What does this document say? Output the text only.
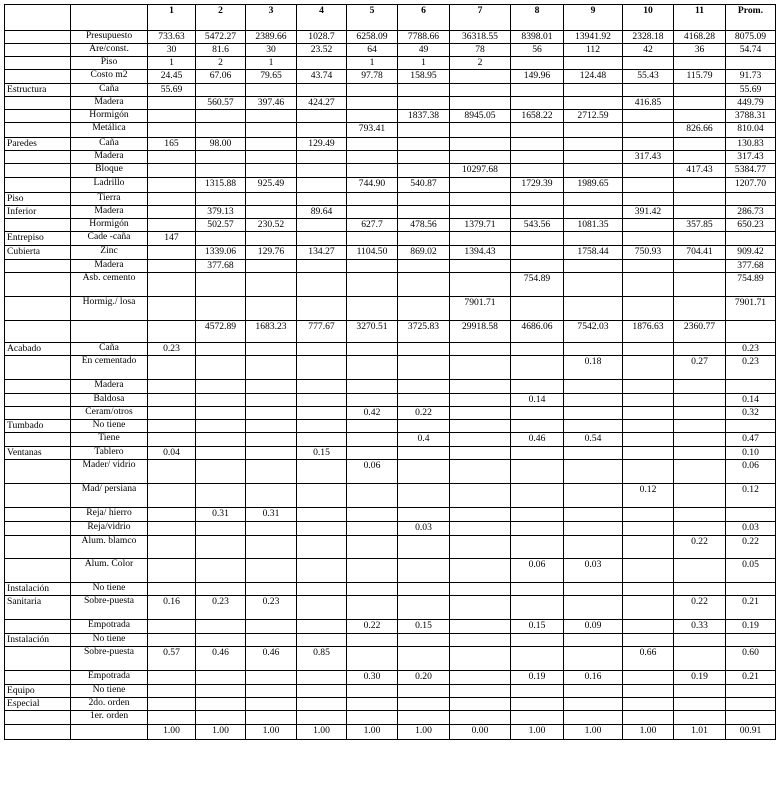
		1	2	3	4	5	6	7	8	9	10	11	Prom.
	Presupuesto	733.63	5472.27	2389.66	1028.7	6258.09	7788.66	36318.55	8398.01	13941.92	2328.18	4168.28	8075.09
	Are/const.	30	81.6	30	23.52	64	49	78	56	112	42	36	54.74
	Piso	1	2	1		1	1	2					
	Costo m2	24.45	67.06	79.65	43.74	97.78	158.95		149.96	124.48	55.43	115.79	91.73
Estructura	Caña	55.69											55.69
	Madera		560.57	397.46	424.27						416.85		449.79
	Hormigón						1837.38	8945.05	1658.22	2712.59			3788.31
	Metálica					793.41						826.66	810.04
Paredes	Caña	165	98.00		129.49								130.83
	Madera										317.43		317.43
	Bloque							10297.68				417.43	5384.77
	Ladrillo		1315.88	925.49		744.90	540.87		1729.39	1989.65			1207.70
Piso	Tierra												
Inferior	Madera		379.13		89.64						391.42		286.73
	Hormigón		502.57	230.52		627.7	478.56	1379.71	543.56	1081.35		357.85	650.23
Entrepiso	Cade -caña	147											
Cubierta	Zinc		1339.06	129.76	134.27	1104.50	869.02	1394.43		1758.44	750.93	704.41	909.42
	Madera		377.68										377.68
	Asb. cemento								754.89				754.89
	Hormig./ losa							7901.71					7901.71
			4572.89	1683.23	777.67	3270.51	3725.83	29918.58	4686.06	7542.03	1876.63	2360.77	
Acabado	Caña	0.23											0.23
	En cementado									0.18		0.27	0.23
	Madera												
	Baldosa								0.14				0.14
	Ceram/otros					0.42	0.22						0.32
Tumbado	No tiene												
	Tiene						0.4		0.46	0.54			0.47
Ventanas	Tablero	0.04			0.15								0.10
	Mader/ vidrio					0.06							0.06
	Mad/ persiana										0.12		0.12
	Reja/ hierro		0.31	0.31									
	Reja/vidrio						0.03						0.03
	Alum. blamco											0.22	0.22
	Alum. Color								0.06	0.03			0.05
Instalación	No tiene												
Sanitaria	Sobre-puesta	0.16	0.23	0.23								0.22	0.21
	Empotrada					0.22	0.15		0.15	0.09		0.33	0.19
Instalación	No tiene												
	Sobre-puesta	0.57	0.46	0.46	0.85						0.66		0.60
	Empotrada					0.30	0.20		0.19	0.16		0.19	0.21
Equipo	No tiene												
Especial	2do. orden												
	1er. orden												
		1.00	1.00	1.00	1.00	1.00	1.00	0.00	1.00	1.00	1.00	1.01	00.91
